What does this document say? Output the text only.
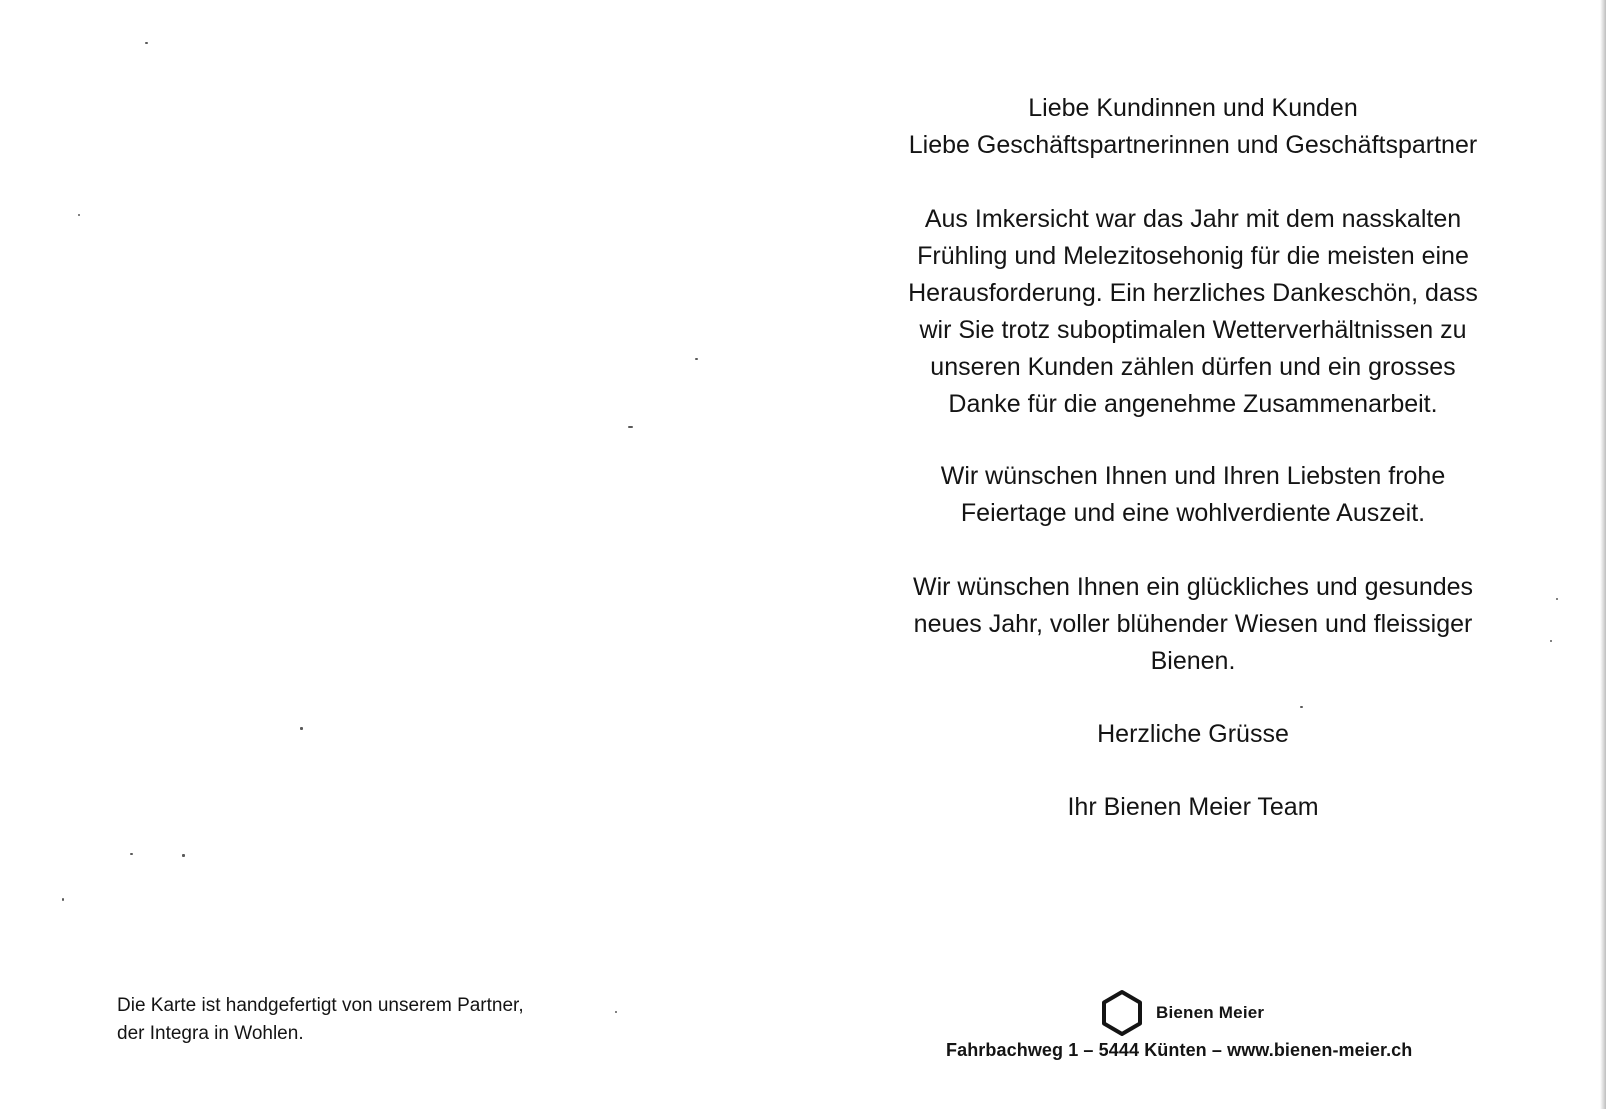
Liebe Kundinnen und Kunden
Liebe Geschäftspartnerinnen und Geschäftspartner

Aus Imkersicht war das Jahr mit dem nasskalten
Frühling und Melezitosehonig für die meisten eine
Herausforderung. Ein herzliches Dankeschön, dass
wir Sie trotz suboptimalen Wetterverhältnissen zu
unseren Kunden zählen dürfen und ein grosses
Danke für die angenehme Zusammenarbeit.

Wir wünschen Ihnen und Ihren Liebsten frohe
Feiertage und eine wohlverdiente Auszeit.

Wir wünschen Ihnen ein glückliches und gesundes
neues Jahr, voller blühender Wiesen und fleissiger
Bienen.

Herzliche Grüsse

Ihr Bienen Meier Team

Die Karte ist handgefertigt von unserem Partner,
der Integra in Wohlen.
Bienen Meier
Fahrbachweg 1 – 5444 Künten – www.bienen-meier.ch
